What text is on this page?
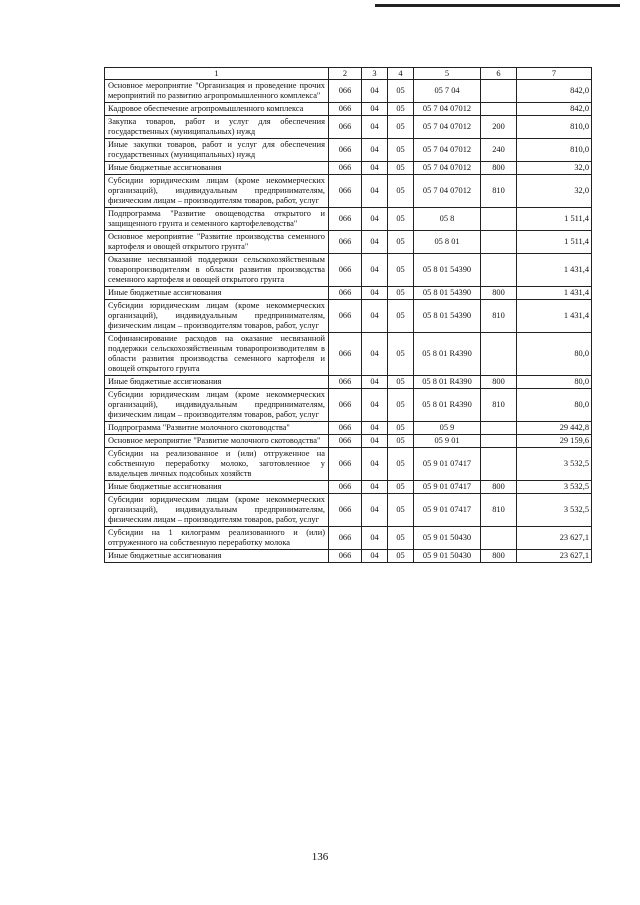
1	2	3	4	5	6	7
Основное мероприятие "Организация и проведение прочих мероприятий по развитию агропромышленного комплекса"	066	04	05	05 7 04		842,0
Кадровое обеспечение агропромышленного комплекса	066	04	05	05 7 04 07012		842,0
Закупка товаров, работ и услуг для обеспечения государственных (муниципальных) нужд	066	04	05	05 7 04 07012	200	810,0
Иные закупки товаров, работ и услуг для обеспечения государственных (муниципальных) нужд	066	04	05	05 7 04 07012	240	810,0
Иные бюджетные ассигнования	066	04	05	05 7 04 07012	800	32,0
Субсидии юридическим лицам (кроме некоммерческих организаций), индивидуальным предпринимателям, физическим лицам – производителям товаров, работ, услуг	066	04	05	05 7 04 07012	810	32,0
Подпрограмма "Развитие овощеводства открытого и защищенного грунта и семенного картофелеводства"	066	04	05	05 8		1 511,4
Основное мероприятие "Развитие производства семенного картофеля и овощей открытого грунта"	066	04	05	05 8 01		1 511,4
Оказание несвязанной поддержки сельскохозяйственным товаропроизводителям в области развития производства семенного картофеля и овощей открытого грунта	066	04	05	05 8 01 54390		1 431,4
Иные бюджетные ассигнования	066	04	05	05 8 01 54390	800	1 431,4
Субсидии юридическим лицам (кроме некоммерческих организаций), индивидуальным предпринимателям, физическим лицам – производителям товаров, работ, услуг	066	04	05	05 8 01 54390	810	1 431,4
Софинансирование расходов на оказание несвязанной поддержки сельскохозяйственным товаропроизводителям в области развития производства семенного картофеля и овощей открытого грунта	066	04	05	05 8 01 R4390		80,0
Иные бюджетные ассигнования	066	04	05	05 8 01 R4390	800	80,0
Субсидии юридическим лицам (кроме некоммерческих организаций), индивидуальным предпринимателям, физическим лицам – производителям товаров, работ, услуг	066	04	05	05 8 01 R4390	810	80,0
Подпрограмма "Развитие молочного скотоводства"	066	04	05	05 9		29 442,8
Основное мероприятие "Развитие молочного скотоводства"	066	04	05	05 9 01		29 159,6
Субсидии на реализованное и (или) отгруженное на собственную переработку молоко, заготовленное у владельцев личных подсобных хозяйств	066	04	05	05 9 01 07417		3 532,5
Иные бюджетные ассигнования	066	04	05	05 9 01 07417	800	3 532,5
Субсидии юридическим лицам (кроме некоммерческих организаций), индивидуальным предпринимателям, физическим лицам – производителям товаров, работ, услуг	066	04	05	05 9 01 07417	810	3 532,5
Субсидии на 1 килограмм реализованного и (или) отгруженного на собственную переработку молока	066	04	05	05 9 01 50430		23 627,1
Иные бюджетные ассигнования	066	04	05	05 9 01 50430	800	23 627,1
136
